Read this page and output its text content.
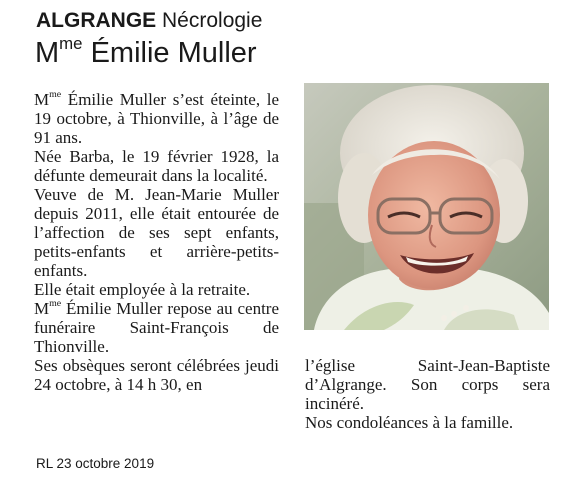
ALGRANGE Nécrologie
$M^{me}$ Émilie Muller

$M^{me}$ Émilie Muller s’est éteinte, le 19 octobre, à Thionville, à l’âge de 91 ans.

Née Barba, le 19 février 1928, la défunte demeurait dans la localité.

Veuve de M. Jean-Marie Muller depuis 2011, elle était entourée de l’affection de ses sept enfants, petits-enfants et arrière-petits-enfants.

Elle était employée à la retraite.

$M^{me}$ Émilie Muller repose au centre funéraire Saint-François de Thionville.

Ses obsèques seront célébrées jeudi 24 octobre, à 14 h 30, en

l’église Saint-Jean-Baptiste d’Algrange. Son corps sera incinéré.

Nos condoléances à la famille.

RL 23 octobre 2019
